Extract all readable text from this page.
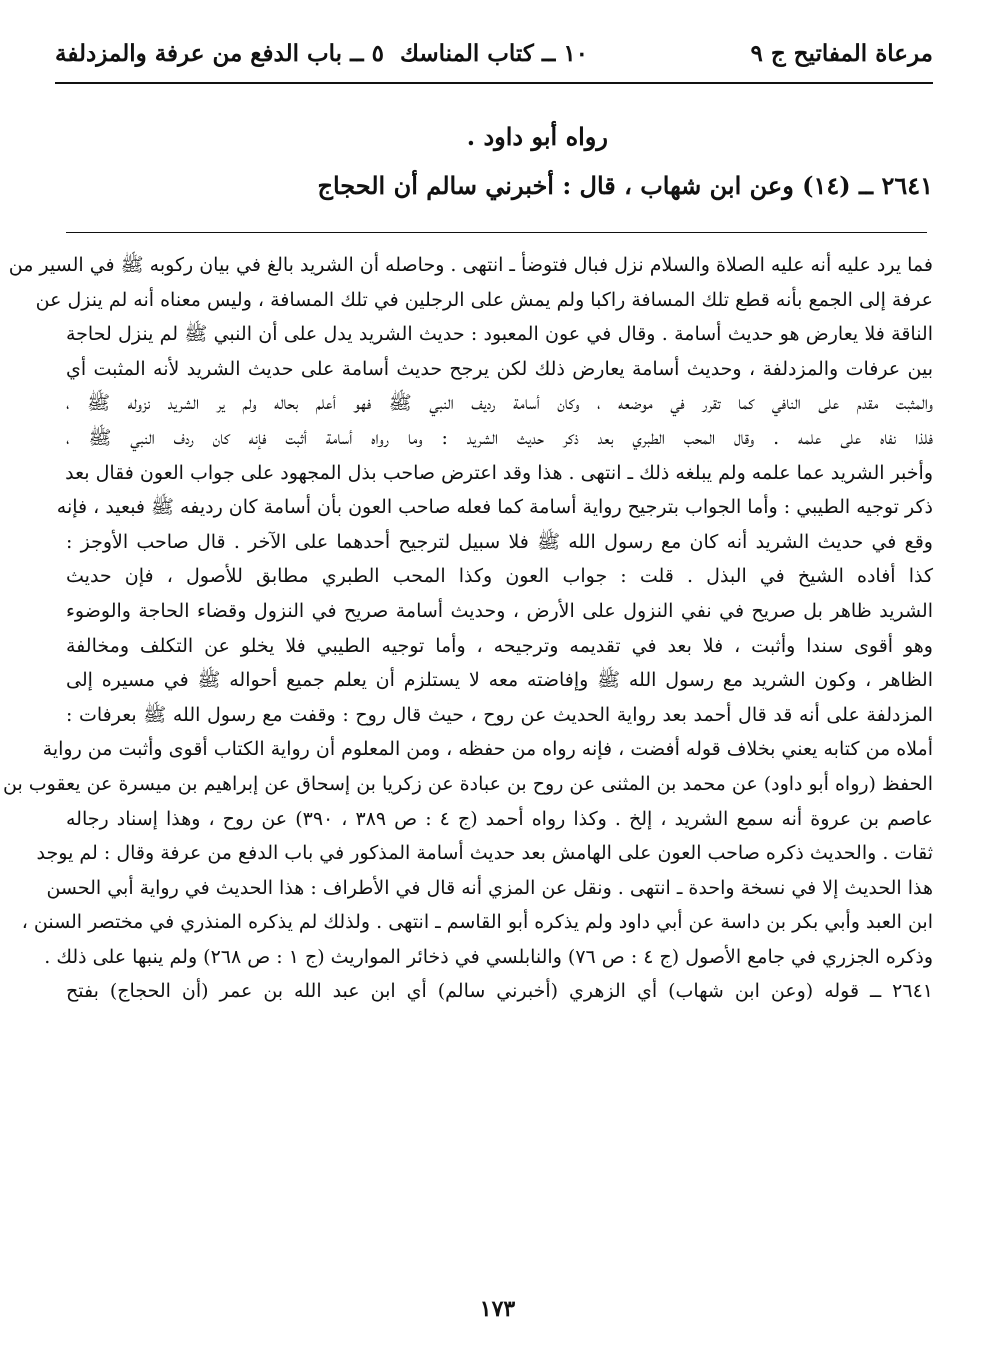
مرعاة المفاتيح ج ٩
١٠ ــ كتاب المناسك
٥ ــ باب الدفع من عرفة والمزدلفة

رواه أبو داود .

٢٦٤١ ــ (١٤) وعن ابن شهاب ، قال : أخبرني سالم أن الحجاج

فما يرد عليه أنه عليه الصلاة والسلام نزل فبال فتوضأ ـ انتهى . وحاصله أن الشريد بالغ في بيان ركوبه ﷺ في السير من
عرفة إلى الجمع بأنه قطع تلك المسافة راكبا ولم يمش على الرجلين في تلك المسافة ، وليس معناه أنه لم ينزل عن
الناقة فلا يعارض هو حديث أسامة . وقال في عون المعبود : حديث الشريد يدل على أن النبي ﷺ لم ينزل لحاجة
بين عرفات والمزدلفة ، وحديث أسامة يعارض ذلك لكن يرجح حديث أسامة على حديث الشريد لأنه المثبت أي
والمثبت مقدم على النافي كما تقرر في موضعه ، وكان أسامة رديف النبي ﷺ فهو أعلم بحاله ولم ير الشريد نزوله ﷺ ،
فلذا نفاه على علمه . وقال المحب الطبري بعد ذكر حديث الشريد : وما رواه أسامة أثبت فإنه كان ردف النبي ﷺ ،
وأخبر الشريد عما علمه ولم يبلغه ذلك ـ انتهى . هذا وقد اعترض صاحب بذل المجهود على جواب العون فقال بعد
ذكر توجيه الطيبي : وأما الجواب بترجيح رواية أسامة كما فعله صاحب العون بأن أسامة كان رديفه ﷺ فبعيد ، فإنه
وقع في حديث الشريد أنه كان مع رسول الله ﷺ فلا سبيل لترجيح أحدهما على الآخر . قال صاحب الأوجز :
كذا أفاده الشيخ في البذل . قلت : جواب العون وكذا المحب الطبري مطابق للأصول ، فإن حديث
الشريد ظاهر بل صريح في نفي النزول على الأرض ، وحديث أسامة صريح في النزول وقضاء الحاجة والوضوء
وهو أقوى سندا وأثبت ، فلا بعد في تقديمه وترجيحه ، وأما توجيه الطيبي فلا يخلو عن التكلف ومخالفة
الظاهر ، وكون الشريد مع رسول الله ﷺ وإفاضته معه لا يستلزم أن يعلم جميع أحواله ﷺ في مسيره إلى
المزدلفة على أنه قد قال أحمد بعد رواية الحديث عن روح ، حيث قال روح : وقفت مع رسول الله ﷺ بعرفات :
أملاه من كتابه يعني بخلاف قوله أفضت ، فإنه رواه من حفظه ، ومن المعلوم أن رواية الكتاب أقوى وأثبت من رواية
الحفظ (رواه أبو داود) عن محمد بن المثنى عن روح بن عبادة عن زكريا بن إسحاق عن إبراهيم بن ميسرة عن يعقوب بن
عاصم بن عروة أنه سمع الشريد ، إلخ . وكذا رواه أحمد (ج ٤ : ص ٣٨٩ ، ٣٩٠) عن روح ، وهذا إسناد رجاله
ثقات . والحديث ذكره صاحب العون على الهامش بعد حديث أسامة المذكور في باب الدفع من عرفة وقال : لم يوجد
هذا الحديث إلا في نسخة واحدة ـ انتهى . ونقل عن المزي أنه قال في الأطراف : هذا الحديث في رواية أبي الحسن
ابن العبد وأبي بكر بن داسة عن أبي داود ولم يذكره أبو القاسم ـ انتهى . ولذلك لم يذكره المنذري في مختصر السنن ،
وذكره الجزري في جامع الأصول (ج ٤ : ص ٧٦) والنابلسي في ذخائر المواريث (ج ١ : ص ٢٦٨) ولم ينبها على ذلك .
٢٦٤١ ــ قوله (وعن ابن شهاب) أي الزهري (أخبرني سالم) أي ابن عبد الله بن عمر (أن الحجاج) بفتح
١٧٣
